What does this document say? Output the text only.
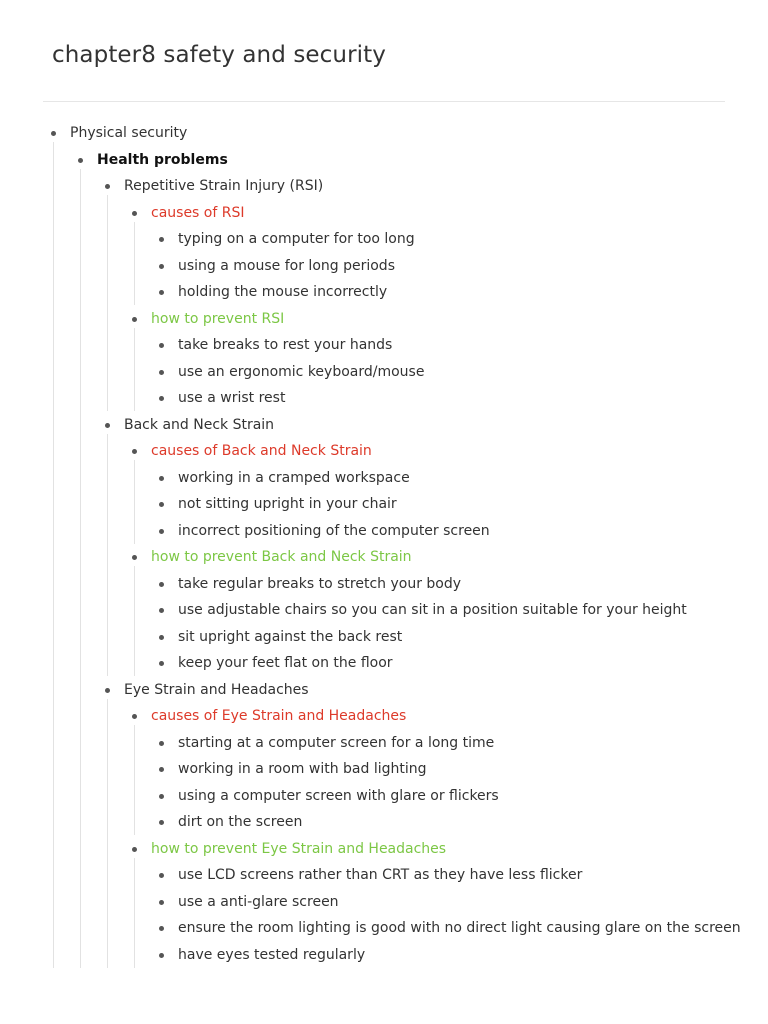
chapter8 safety and security
Physical security
Health problems
Repetitive Strain Injury (RSI)
causes of RSI
typing on a computer for too long
using a mouse for long periods
holding the mouse incorrectly
how to prevent RSI
take breaks to rest your hands
use an ergonomic keyboard/mouse
use a wrist rest
Back and Neck Strain
causes of Back and Neck Strain
working in a cramped workspace
not sitting upright in your chair
incorrect positioning of the computer screen
how to prevent Back and Neck Strain
take regular breaks to stretch your body
use adjustable chairs so you can sit in a position suitable for your height
sit upright against the back rest
keep your feet flat on the floor
Eye Strain and Headaches
causes of Eye Strain and Headaches
starting at a computer screen for a long time
working in a room with bad lighting
using a computer screen with glare or flickers
dirt on the screen
how to prevent Eye Strain and Headaches
use LCD screens rather than CRT as they have less flicker
use a anti-glare screen
ensure the room lighting is good with no direct light causing glare on the screen
have eyes tested regularly
